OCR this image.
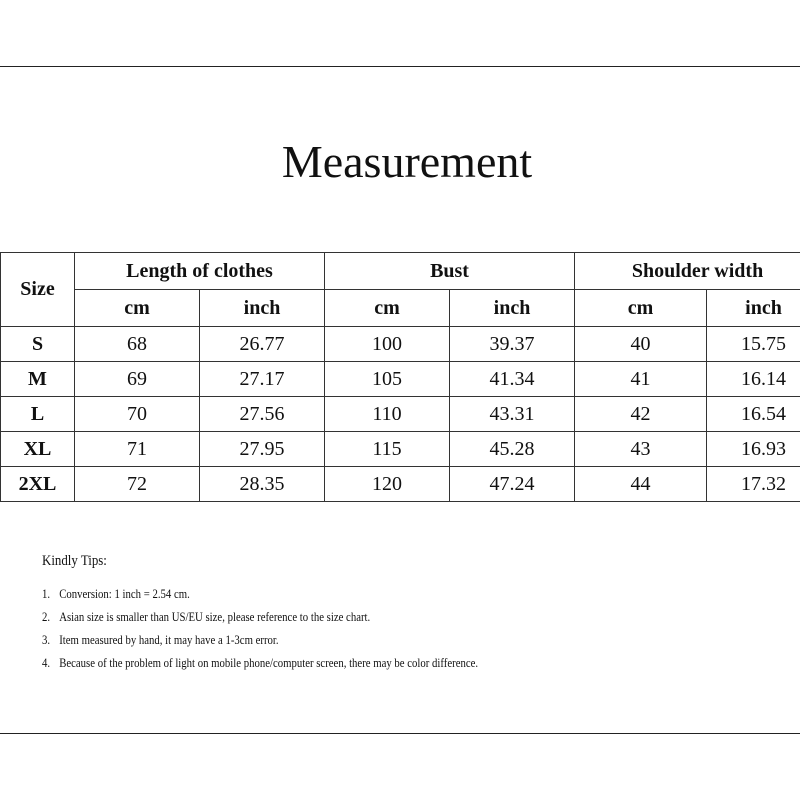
Measurement
Size	Length of clothes		Bust		Shoulder width	
	cm	inch	cm	inch	cm	inch
S	68	26.77	100	39.37	40	15.75
M	69	27.17	105	41.34	41	16.14
L	70	27.56	110	43.31	42	16.54
XL	71	27.95	115	45.28	43	16.93
2XL	72	28.35	120	47.24	44	17.32
Kindly Tips:
1. Conversion: 1 inch = 2.54 cm.
2. Asian size is smaller than US/EU size, please reference to the size chart.
3. Item measured by hand, it may have a 1-3cm error.
4. Because of the problem of light on mobile phone/computer screen, there may be color difference.
